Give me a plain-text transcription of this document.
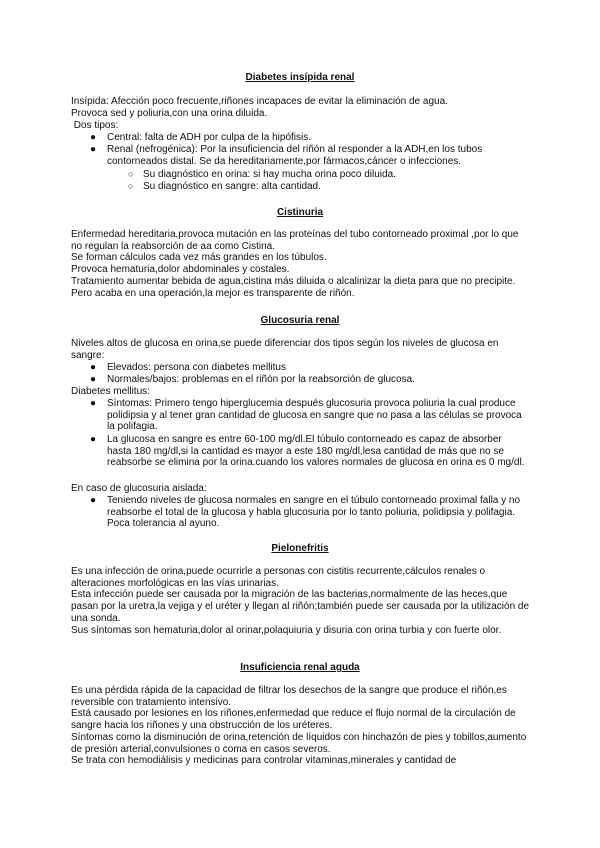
Diabetes insípida renal

Insípida: Afección poco frecuente,riñones incapaces de evitar la eliminación de agua.

Provoca sed y poliuria,con una orina diluida.

Dos tipos:

● Central: falta de ADH por culpa de la hipófisis.

● Renal (nefrogénica): Por la insuficiencia del riñón al responder a la ADH,en los tubos contorneados distal. Se da hereditariamente,por fármacos,cáncer o infecciones.

○ Su diagnóstico en orina: si hay mucha orina poco diluida.

○ Su diagnóstico en sangre: alta cantidad.

Cistinuria

Enfermedad hereditaria,provoca mutación en las proteínas del tubo contorneado proximal ,por lo que no regulan la reabsorción de aa como Cistina.
Se forman cálculos cada vez más grandes en los túbulos.
Provoca hematuria,dolor abdominales y costales.
Tratamiento aumentar bebida de agua,cistina más diluida o alcalinizar la dieta para que no precipite. Pero acaba en una operación,la mejor es transparente de riñón.

Glucosuria renal

Niveles altos de glucosa en orina,se puede diferenciar dos tipos según los niveles de glucosa en sangre:

● Elevados: persona con diabetes mellitus

● Normales/bajos: problemas en el riñón por la reabsorción de glucosa.

Diabetes mellitus:

● Síntomas: Primero tengo hiperglucemia después glucosuria provoca poliuria la cual produce polidipsia y al tener gran cantidad de glucosa en sangre que no pasa a las células se provoca la polifagia.

● La glucosa en sangre es entre 60-100 mg/dl.El túbulo contorneado es capaz de absorber hasta 180 mg/dl,si la cantidad es mayor a este 180 mg/dl,lesa cantidad de más que no se reabsorbe se elimina por la orina.cuando los valores normales de glucosa en orina es 0 mg/dl.

En caso de glucosuria aislada:

● Teniendo niveles de glucosa normales en sangre en el túbulo contorneado proximal falla y no reabsorbe el total de la glucosa y habla glucosuria por lo tanto poliuria, polidipsia y polifagia. Poca tolerancia al ayuno.

Pielonefritis

Es una infección de orina,puede ocurrirle a personas con cistitis recurrente,cálculos renales o alteraciones morfológicas en las vías urinarias.
Esta infección puede ser causada por la migración de las bacterias,normalmente de las heces,que pasan por la uretra,la vejiga y el uréter y llegan al riñón;también puede ser causada por la utilización de una sonda.
Sus síntomas son hematuria,dolor al orinar,polaquiuria y disuria con orina turbia y con fuerte olor.

Insuficiencia renal aguda

Es una pérdida rápida de la capacidad de filtrar los desechos de la sangre que produce el riñón,es reversible con tratamiento intensivo.
Está causado por lesiones en los riñones,enfermedad que reduce el flujo normal de la circulación de sangre hacia los riñones y una obstrucción de los uréteres.
Síntomas como la disminución de orina,retención de líquidos con hinchazón de pies y tobillos,aumento de presión arterial,convulsiones o coma en casos severos.
Se trata con hemodiálisis y medicinas para controlar vitaminas,minerales y cantidad de
